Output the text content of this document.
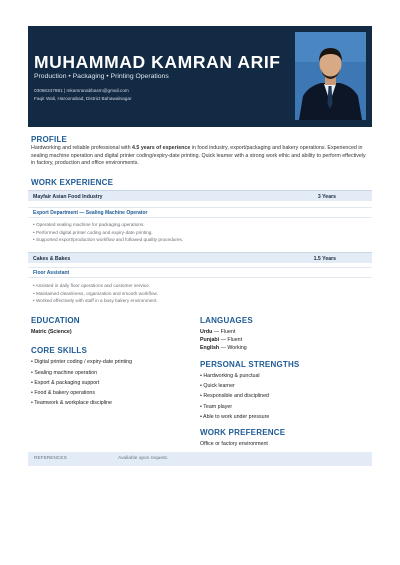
MUHAMMAD KAMRAN ARIF
Production • Packaging • Printing Operations
03066347881 | mkamranabbasm@gmail.com
Faqir Wali, Haroonabad, District Bahawalnagar
PROFILE

Hardworking and reliable professional with 4.5 years of experience in food industry, export/packaging and bakery operations. Experienced in sealing machine operation and digital printer coding/expiry-date printing. Quick learner with a strong work ethic and ability to perform effectively in factory, production and office environments.

WORK EXPERIENCE
Mayfair Asian Food Industry	3 Years
Export Department — Sealing Machine Operator
• Operated sealing machine for packaging operations.
• Performed digital printer coding and expiry-date printing.
• Supported export/production workflow and followed quality procedures.
Cakes & Bakes	1.5 Years
Floor Assistant
• Assisted in daily floor operations and customer service.
• Maintained cleanliness, organization and smooth workflow.
• Worked effectively with staff in a busy bakery environment.
EDUCATION
Matric (Science)
CORE SKILLS
• Digital printer coding / expiry-date printing
• Sealing machine operation
• Export & packaging support
• Food & bakery operations
• Teamwork & workplace discipline
LANGUAGES
Urdu — Fluent
Punjabi — Fluent
English — Working
PERSONAL STRENGTHS
• Hardworking & punctual
• Quick learner
• Responsible and disciplined
• Team player
• Able to work under pressure
WORK PREFERENCE
Office or factory environment
REFERENCES	Available upon request.
